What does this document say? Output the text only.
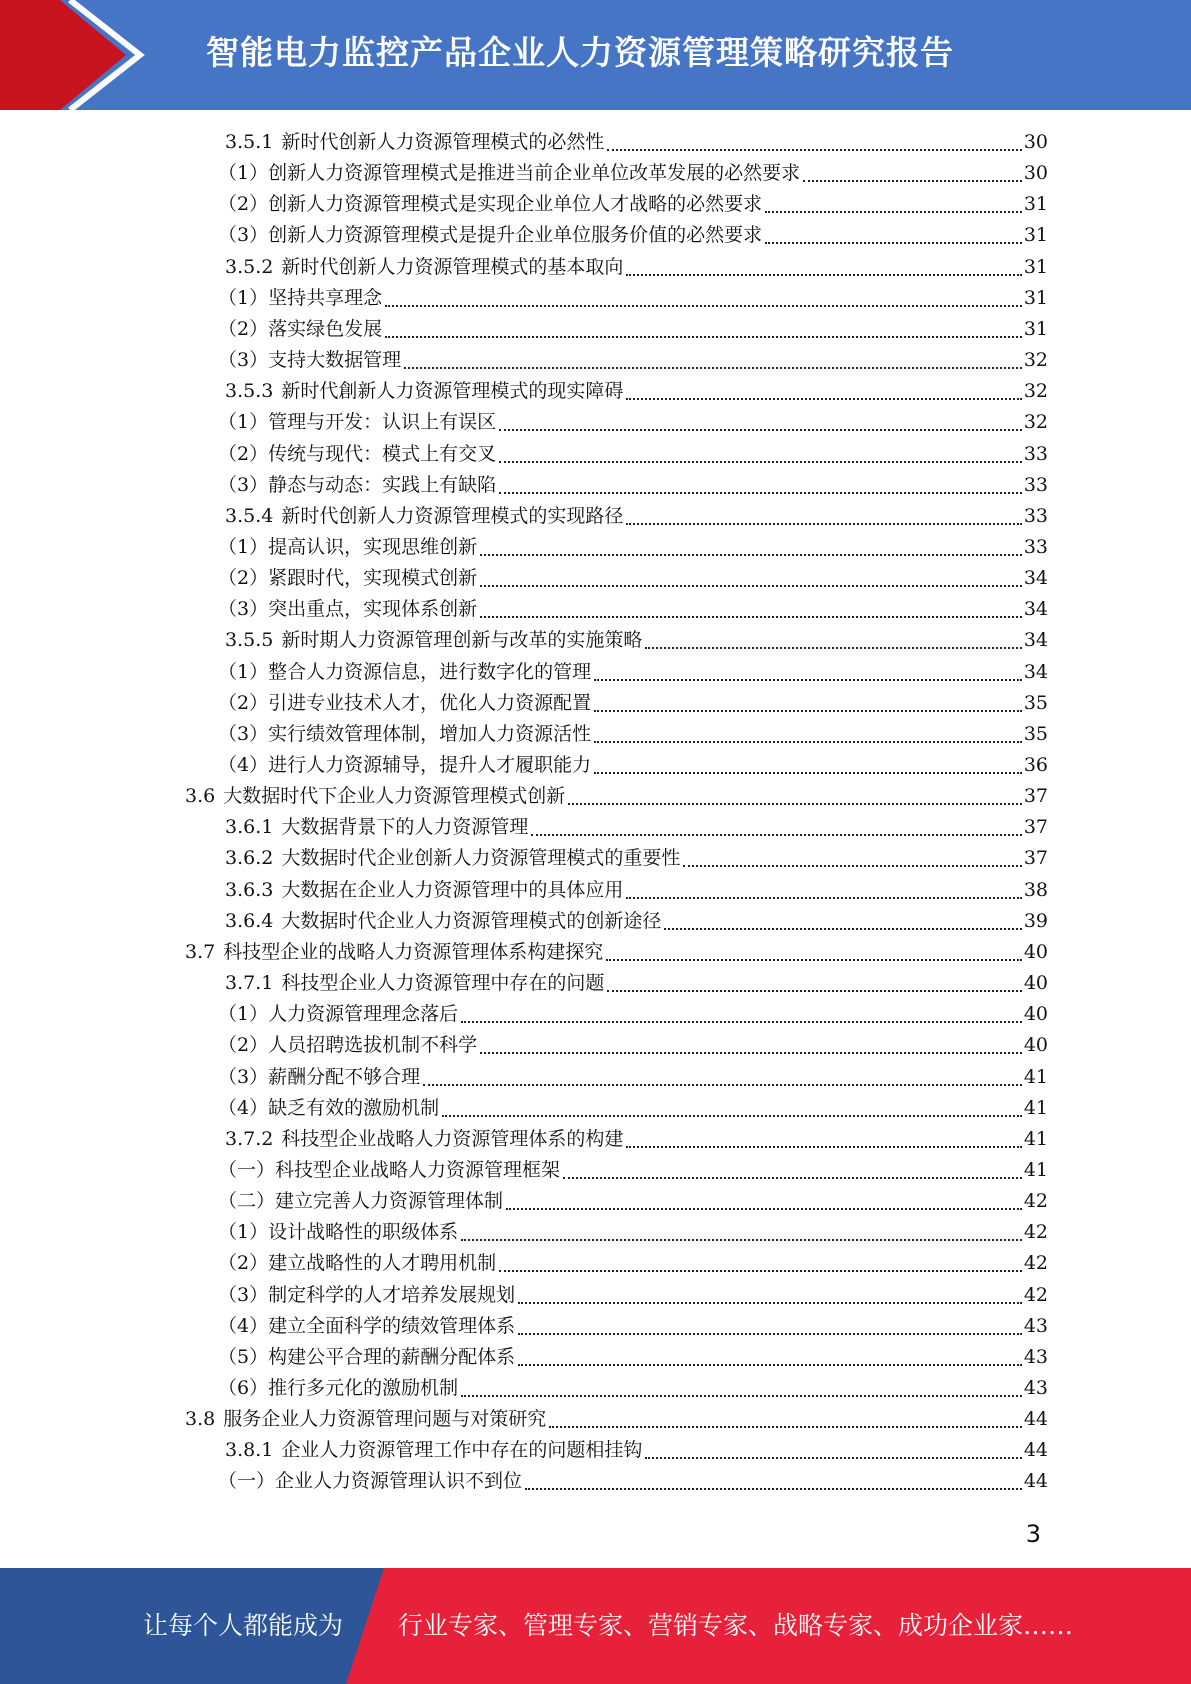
智能电力监控产品企业人力资源管理策略研究报告
3.5.1 新时代创新人力资源管理模式的必然性	30
（1） 创新人力资源管理模式是推进当前企业单位改革发展的必然要求	30
（2） 创新人力资源管理模式是实现企业单位人才战略的必然要求	31
（3） 创新人力资源管理模式是提升企业单位服务价值的必然要求	31
3.5.2 新时代创新人力资源管理模式的基本取向	31
（1） 坚持共享理念	31
（2） 落实绿色发展	31
（3） 支持大数据管理	32
3.5.3 新时代創新人力资源管理模式的现实障碍	32
（1） 管理与开发：认识上有误区	32
（2） 传统与现代：模式上有交叉	33
（3） 静态与动态：实践上有缺陷	33
3.5.4 新时代创新人力资源管理模式的实现路径	33
（1） 提高认识，实现思维创新	33
（2） 紧跟时代，实现模式创新	34
（3） 突出重点，实现体系创新	34
3.5.5 新时期人力资源管理创新与改革的实施策略	34
（1） 整合人力资源信息，进行数字化的管理	34
（2） 引进专业技术人才，优化人力资源配置	35
（3） 实行绩效管理体制，增加人力资源活性	35
（4） 进行人力资源辅导，提升人才履职能力	36
3.6 大数据时代下企业人力资源管理模式创新	37
3.6.1 大数据背景下的人力资源管理	37
3.6.2 大数据时代企业创新人力资源管理模式的重要性	37
3.6.3 大数据在企业人力资源管理中的具体应用	38
3.6.4 大数据时代企业人力资源管理模式的创新途径	39
3.7 科技型企业的战略人力资源管理体系构建探究	40
3.7.1 科技型企业人力资源管理中存在的问题	40
（1） 人力资源管理理念落后	40
（2） 人员招聘选拔机制不科学	40
（3） 薪酬分配不够合理	41
（4） 缺乏有效的激励机制	41
3.7.2 科技型企业战略人力资源管理体系的构建	41
（一） 科技型企业战略人力资源管理框架	41
（二） 建立完善人力资源管理体制	42
（1） 设计战略性的职级体系	42
（2） 建立战略性的人才聘用机制	42
（3） 制定科学的人才培养发展规划	42
（4） 建立全面科学的绩效管理体系	43
（5） 构建公平合理的薪酬分配体系	43
（6） 推行多元化的激励机制	43
3.8 服务企业人力资源管理问题与对策研究	44
3.8.1 企业人力资源管理工作中存在的问题相挂钩	44
（一） 企业人力资源管理认识不到位	44
3
让每个人都能成为 行业专家、管理专家、营销专家、战略专家、成功企业家……
